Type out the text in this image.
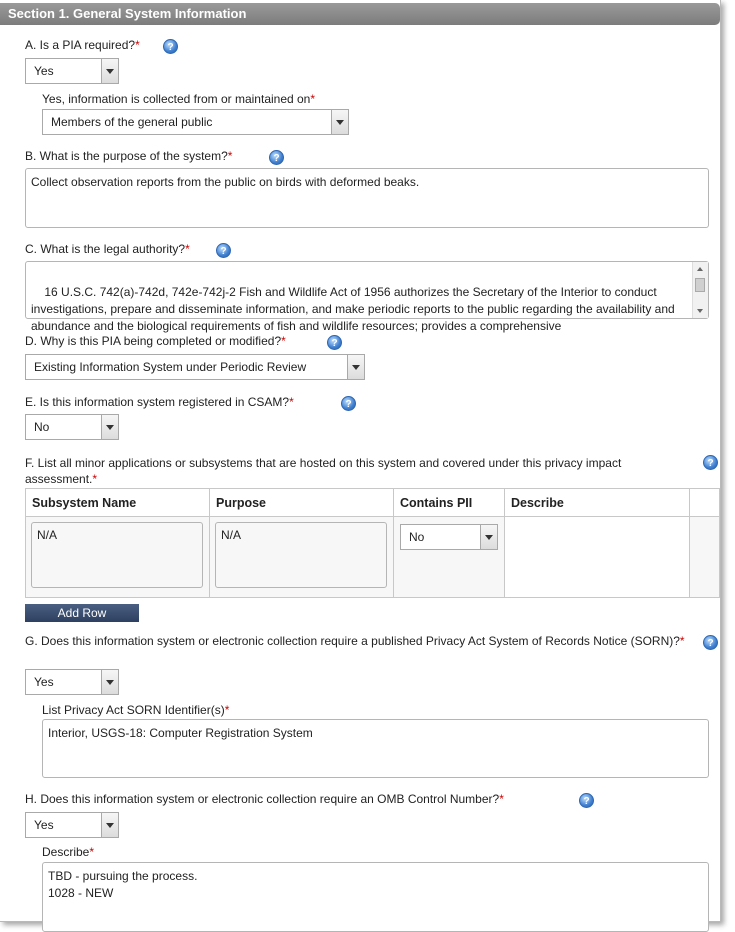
Section 1. General System Information
A. Is a PIA required?*	?
Yes
Yes, information is collected from or maintained on*
Members of the general public
B. What is the purpose of the system?*	?
Collect observation reports from the public on birds with deformed beaks.
C. What is the legal authority?*	?

16 U.S.C. 742(a)-742d, 742e-742j-2 Fish and Wildlife Act of 1956 authorizes the Secretary of the Interior to conduct investigations, prepare and disseminate information, and make periodic reports to the public regarding the availability and abundance and the biological requirements of fish and wildlife resources; provides a comprehensive

D. Why is this PIA being completed or modified?*	?
Existing Information System under Periodic Review
E. Is this information system registered in CSAM?*	?
No
F. List all minor applications or subsystems that are hosted on this system and covered under this privacy impact assessment.*
?
Subsystem Name	Purpose	Contains PII	Describe	

N/A	N/A	No		

Add Row
G. Does this information system or electronic collection require a published Privacy Act System of Records Notice (SORN)?*	?
Yes
List Privacy Act SORN Identifier(s)*
Interior, USGS-18: Computer Registration System
H. Does this information system or electronic collection require an OMB Control Number?*	?
Yes
Describe*
TBD - pursuing the process.
1028 - NEW
